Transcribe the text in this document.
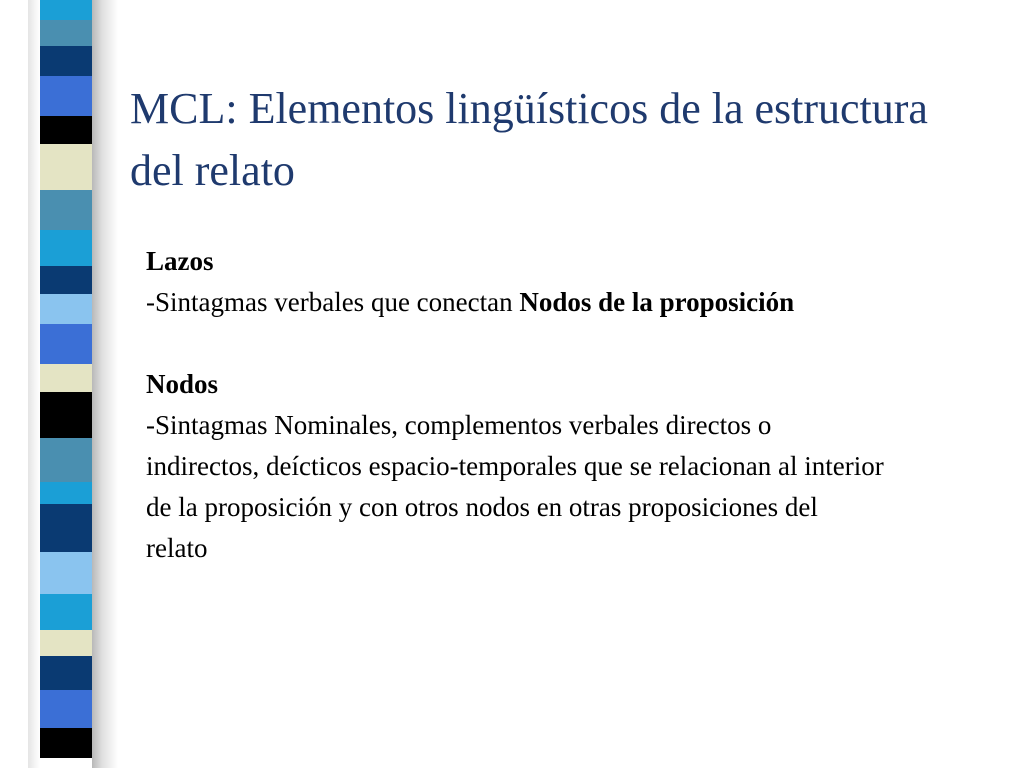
MCL: Elementos lingüísticos de la estructura del relato

Lazos

-Sintagmas verbales que conectan Nodos de la proposición

Nodos

-Sintagmas Nominales, complementos verbales directos o indirectos, deícticos espacio-temporales que se relacionan al interior de la proposición y con otros nodos en otras proposiciones del relato
